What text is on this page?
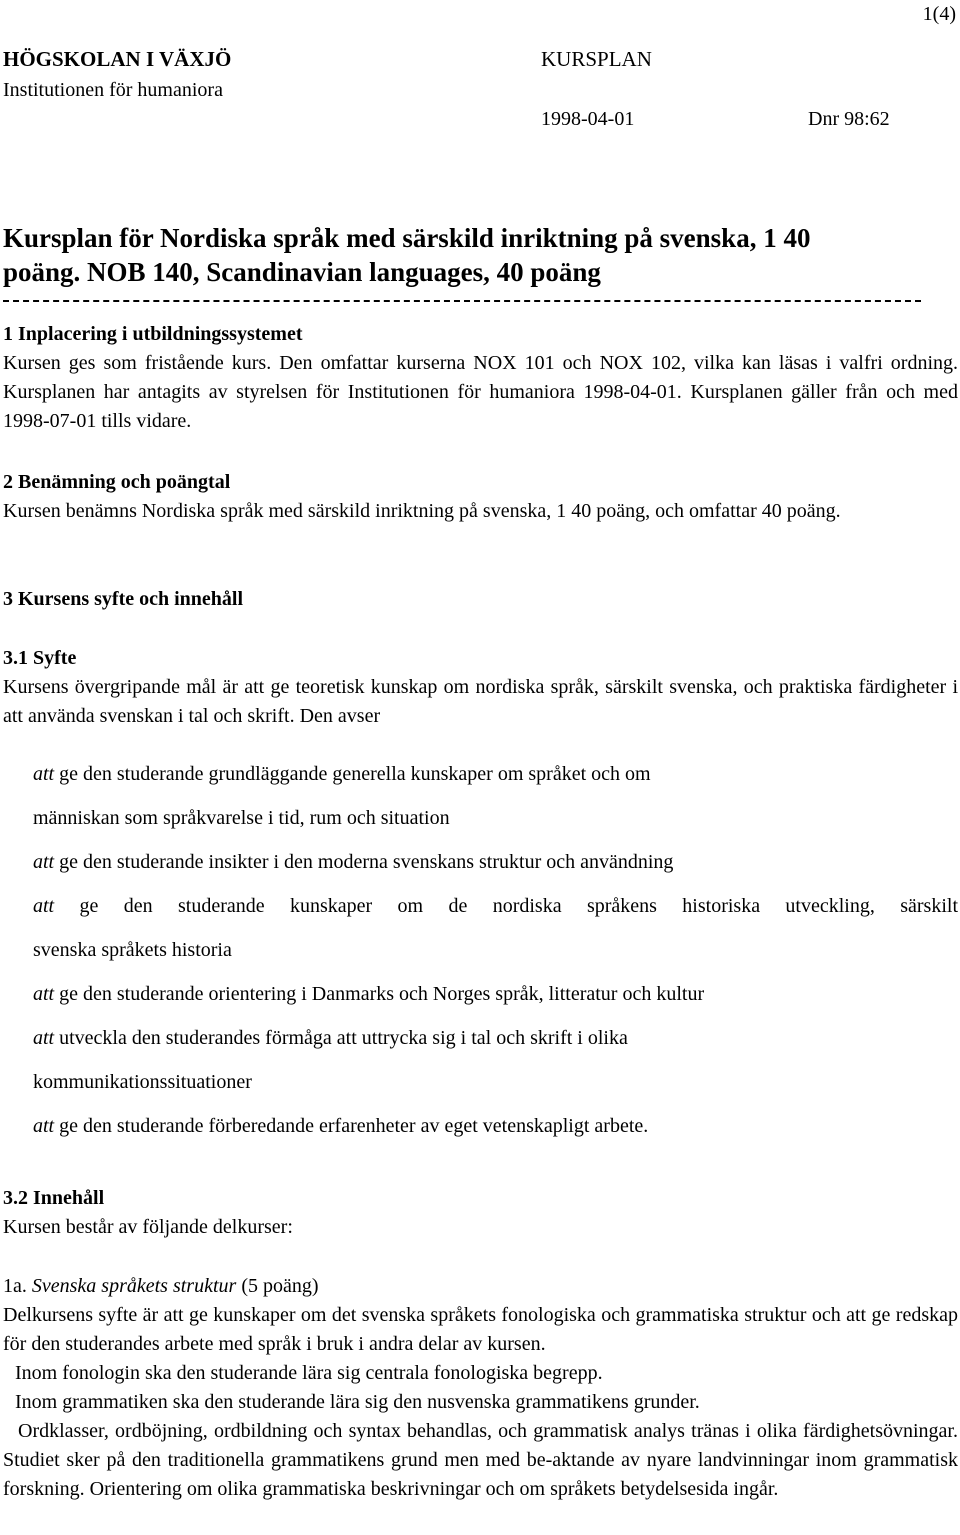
1(4)
HÖGSKOLAN I VÄXJÖ
Institutionen för humaniora
KURSPLAN
1998-04-01	Dnr 98:62
Kursplan för Nordiska språk med särskild inriktning på svenska, 1 40
poäng. NOB 140, Scandinavian languages, 40 poäng
1 Inplacering i utbildningssystemet
Kursen ges som fristående kurs. Den omfattar kurserna NOX 101 och NOX 102, vilka kan läsas i valfri ordning. Kursplanen har antagits av styrelsen för Institutionen för humaniora 1998-04-01. Kursplanen gäller från och med 1998-07-01 tills vidare.
2 Benämning och poängtal
Kursen benämns Nordiska språk med särskild inriktning på svenska, 1 40 poäng, och omfattar 40 poäng.
3 Kursens syfte och innehåll
3.1 Syfte
Kursens övergripande mål är att ge teoretisk kunskap om nordiska språk, särskilt svenska, och praktiska färdigheter i att använda svenskan i tal och skrift. Den avser
att ge den studerande grundläggande generella kunskaper om språket och om
människan som språkvarelse i tid, rum och situation
att ge den studerande insikter i den moderna svenskans struktur och användning
att ge den studerande kunskaper om de nordiska språkens historiska utveckling, särskilt
svenska språkets historia
att ge den studerande orientering i Danmarks och Norges språk, litteratur och kultur
att utveckla den studerandes förmåga att uttrycka sig i tal och skrift i olika
kommunikationssituationer
att ge den studerande förberedande erfarenheter av eget vetenskapligt arbete.
3.2 Innehåll
Kursen består av följande delkurser:
1a. Svenska språkets struktur (5 poäng)
Delkursens syfte är att ge kunskaper om det svenska språkets fonologiska och grammatiska struktur och att ge redskap för den studerandes arbete med språk i bruk i andra delar av kursen.
Inom fonologin ska den studerande lära sig centrala fonologiska begrepp.
Inom grammatiken ska den studerande lära sig den nusvenska grammatikens grunder.
Ordklasser, ordböjning, ordbildning och syntax behandlas, och grammatisk analys tränas i olika färdighetsövningar. Studiet sker på den traditionella grammatikens grund men med be-aktande av nyare landvinningar inom grammatisk forskning. Orientering om olika grammatiska beskrivningar och om språkets betydelsesida ingår.
